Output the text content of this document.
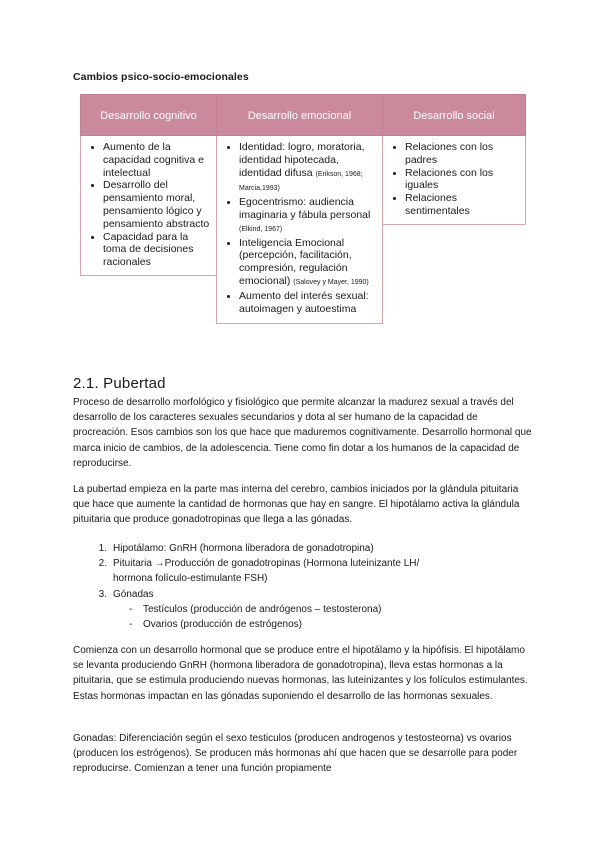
Cambios psico-socio-emocionales
Desarrollo cognitivo
• Aumento de la capacidad cognitiva e intelectual
• Desarrollo del pensamiento moral, pensamiento lógico y pensamiento abstracto
• Capacidad para la toma de decisiones racionales
Desarrollo emocional
• Identidad: logro, moratoria, identidad hipotecada, identidad difusa (Erikson, 1968; Marcia,1993)
• Egocentrismo: audiencia imaginaria y fábula personal (Elkind, 1967)
• Inteligencia Emocional (percepción, facilitación, compresión, regulación emocional) (Salovey y Mayer, 1990)
• Aumento del interés sexual: autoimagen y autoestima
Desarrollo social
• Relaciones con los padres
• Relaciones con los iguales
• Relaciones sentimentales
2.1. Pubertad

Proceso de desarrollo morfológico y fisiológico que permite alcanzar la madurez sexual a través del desarrollo de los caracteres sexuales secundarios y dota al ser humano de la capacidad de procreación. Esos cambios son los que hace que maduremos cognitivamente. Desarrollo hormonal que marca inicio de cambios, de la adolescencia. Tiene como fin dotar a los humanos de la capacidad de reproducirse.

La pubertad empieza en la parte mas interna del cerebro, cambios iniciados por la glándula pituitaria que hace que aumente la cantidad de hormonas que hay en sangre. El hipotálamo activa la glándula pituitaria que produce gonadotropinas que llega a las gónadas.

1. Hipotálamo: GnRH (hormona liberadora de gonadotropina)
2. Pituitaria →Producción de gonadotropinas (Hormona luteinizante LH/ hormona folículo-estimulante FSH)
3. Gónadas
-	Testículos (producción de andrógenos – testosterona)
-	Ovarios (producción de estrógenos)

Comienza con un desarrollo hormonal que se produce entre el hipotálamo y la hipófisis. El hipotálamo se levanta produciendo GnRH (hormona liberadora de gonadotropina), lleva estas hormonas a la pituitaria, que se estimula produciendo nuevas hormonas, las luteinizantes y los folículos estimulantes. Estas hormonas impactan en las gónadas suponiendo el desarrollo de las hormonas sexuales.

Gonadas: Diferenciación según el sexo testiculos (producen androgenos y testosteorna) vs ovarios (producen los estrógenos). Se producen más hormonas ahí que hacen que se desarrolle para poder reproducirse. Comienzan a tener una función propiamente
